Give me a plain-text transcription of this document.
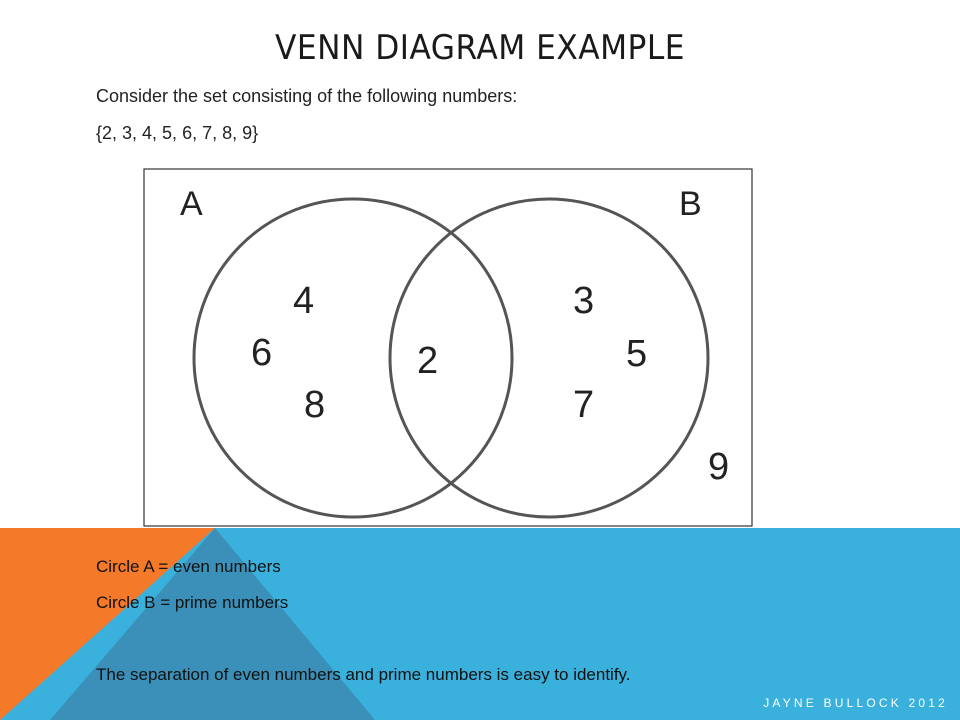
VENN DIAGRAM EXAMPLE
Consider the set consisting of the following numbers:
{2, 3, 4, 5, 6, 7, 8, 9}
A	B
4
6
8
2
3
5
7
9
Circle A = even numbers
Circle B = prime numbers
The separation of even numbers and prime numbers is easy to identify.
JAYNE BULLOCK 2012
